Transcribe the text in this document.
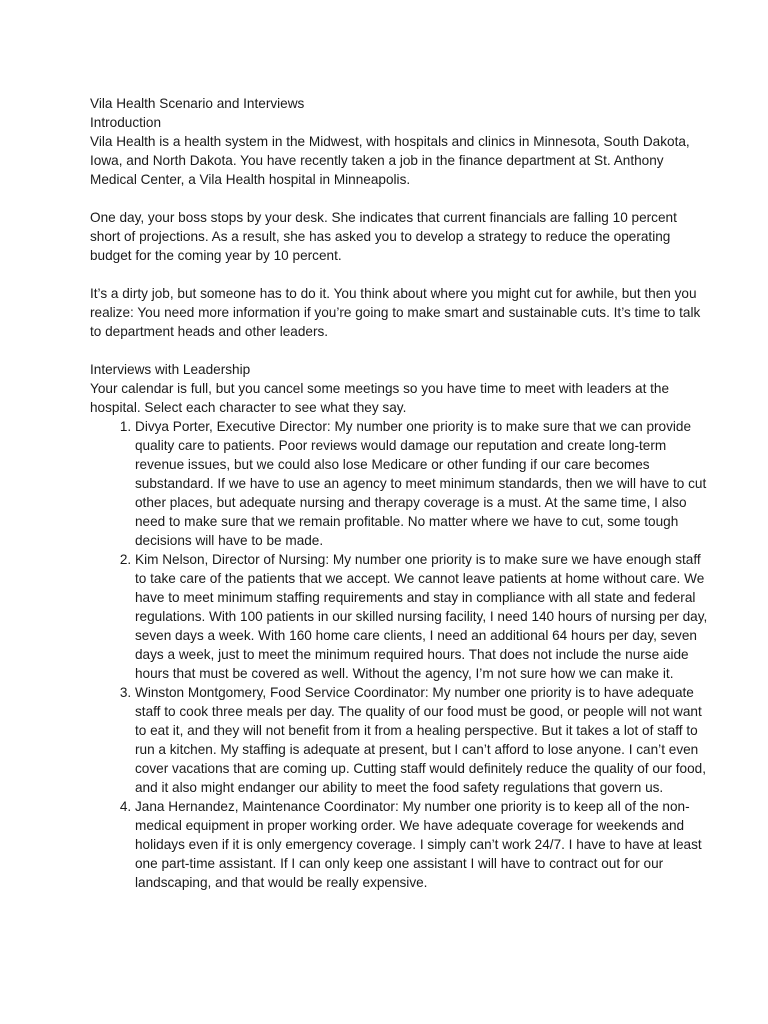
Vila Health Scenario and Interviews

Introduction

Vila Health is a health system in the Midwest, with hospitals and clinics in Minnesota, South Dakota, Iowa, and North Dakota. You have recently taken a job in the finance department at St. Anthony Medical Center, a Vila Health hospital in Minneapolis.

One day, your boss stops by your desk. She indicates that current financials are falling 10 percent short of projections. As a result, she has asked you to develop a strategy to reduce the operating budget for the coming year by 10 percent.

It’s a dirty job, but someone has to do it. You think about where you might cut for awhile, but then you realize: You need more information if you’re going to make smart and sustainable cuts. It’s time to talk to department heads and other leaders.

Interviews with Leadership

Your calendar is full, but you cancel some meetings so you have time to meet with leaders at the hospital. Select each character to see what they say.

1. Divya Porter, Executive Director: My number one priority is to make sure that we can provide quality care to patients. Poor reviews would damage our reputation and create long-term revenue issues, but we could also lose Medicare or other funding if our care becomes substandard. If we have to use an agency to meet minimum standards, then we will have to cut other places, but adequate nursing and therapy coverage is a must. At the same time, I also need to make sure that we remain profitable. No matter where we have to cut, some tough decisions will have to be made.
2. Kim Nelson, Director of Nursing: My number one priority is to make sure we have enough staff to take care of the patients that we accept. We cannot leave patients at home without care. We have to meet minimum staffing requirements and stay in compliance with all state and federal regulations. With 100 patients in our skilled nursing facility, I need 140 hours of nursing per day, seven days a week. With 160 home care clients, I need an additional 64 hours per day, seven days a week, just to meet the minimum required hours. That does not include the nurse aide hours that must be covered as well. Without the agency, I’m not sure how we can make it.
3. Winston Montgomery, Food Service Coordinator: My number one priority is to have adequate staff to cook three meals per day. The quality of our food must be good, or people will not want to eat it, and they will not benefit from it from a healing perspective. But it takes a lot of staff to run a kitchen. My staffing is adequate at present, but I can’t afford to lose anyone. I can’t even cover vacations that are coming up. Cutting staff would definitely reduce the quality of our food, and it also might endanger our ability to meet the food safety regulations that govern us.
4. Jana Hernandez, Maintenance Coordinator: My number one priority is to keep all of the non-medical equipment in proper working order. We have adequate coverage for weekends and holidays even if it is only emergency coverage. I simply can’t work 24/7. I have to have at least one part-time assistant. If I can only keep one assistant I will have to contract out for our landscaping, and that would be really expensive.
